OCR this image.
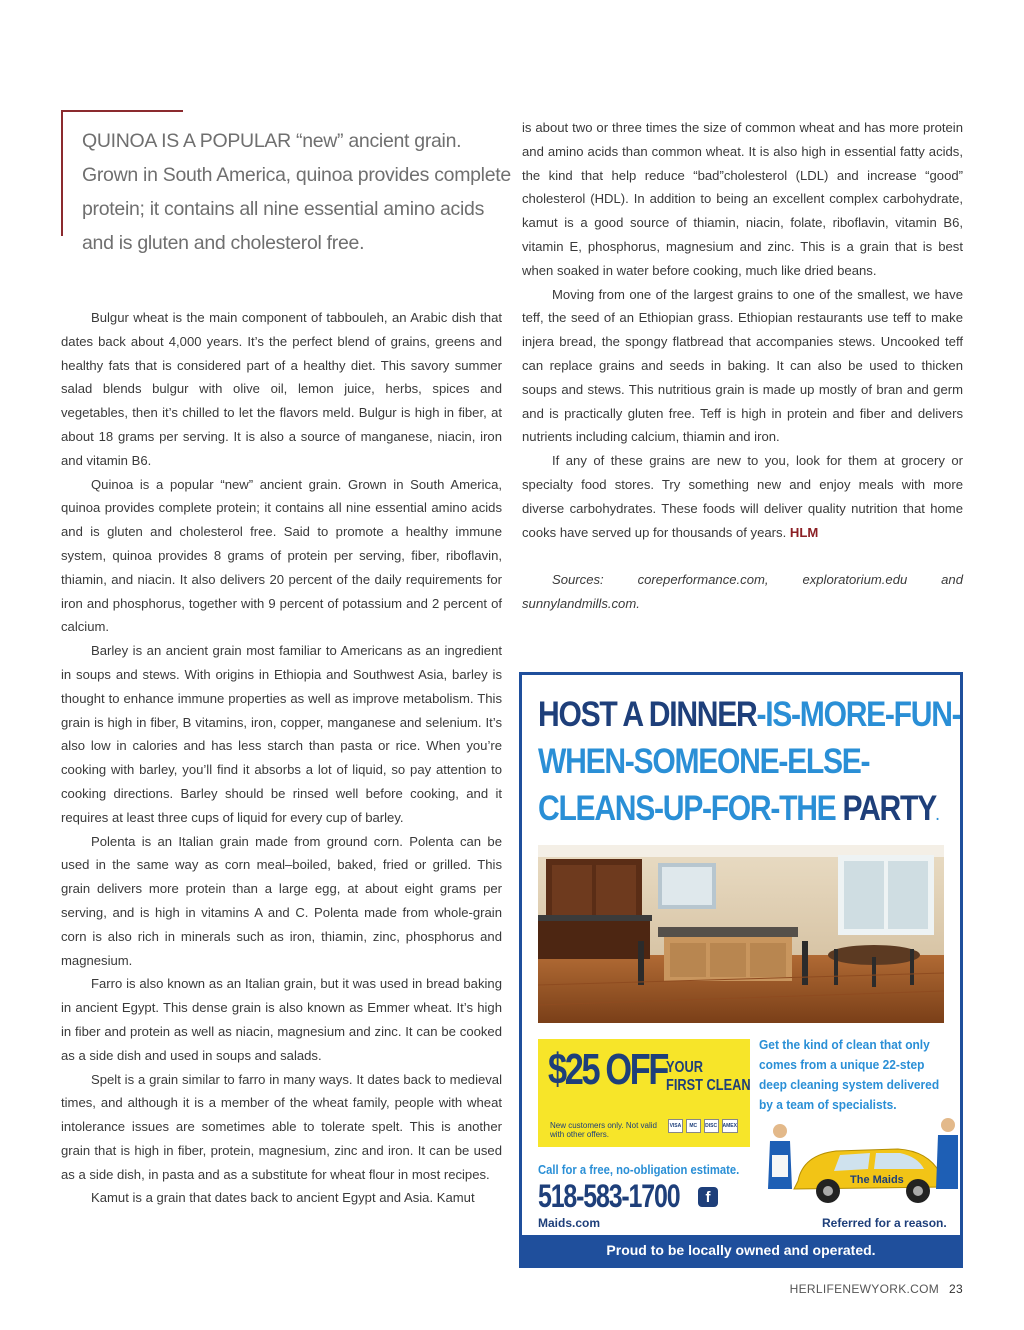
QUINOA IS A POPULAR “new” ancient grain. Grown in South America, quinoa provides complete protein; it contains all nine essential amino acids and is gluten and cholesterol free.

Bulgur wheat is the main component of tabbouleh, an Arabic dish that dates back about 4,000 years. It’s the perfect blend of grains, greens and healthy fats that is considered part of a healthy diet. This savory summer salad blends bulgur with olive oil, lemon juice, herbs, spices and vegetables, then it’s chilled to let the flavors meld. Bulgur is high in fiber, at about 18 grams per serving. It is also a source of manganese, niacin, iron and vitamin B6.

Quinoa is a popular “new” ancient grain. Grown in South America, quinoa provides complete protein; it contains all nine essential amino acids and is gluten and cholesterol free. Said to promote a healthy immune system, quinoa provides 8 grams of protein per serving, fiber, riboflavin, thiamin, and niacin. It also delivers 20 percent of the daily requirements for iron and phosphorus, together with 9 percent of potassium and 2 percent of calcium.

Barley is an ancient grain most familiar to Americans as an ingredient in soups and stews. With origins in Ethiopia and Southwest Asia, barley is thought to enhance immune properties as well as improve metabolism. This grain is high in fiber, B vitamins, iron, copper, manganese and selenium. It’s also low in calories and has less starch than pasta or rice. When you’re cooking with barley, you’ll find it absorbs a lot of liquid, so pay attention to cooking directions. Barley should be rinsed well before cooking, and it requires at least three cups of liquid for every cup of barley.

Polenta is an Italian grain made from ground corn. Polenta can be used in the same way as corn meal–boiled, baked, fried or grilled. This grain delivers more protein than a large egg, at about eight grams per serving, and is high in vitamins A and C. Polenta made from whole-grain corn is also rich in minerals such as iron, thiamin, zinc, phosphorus and magnesium.

Farro is also known as an Italian grain, but it was used in bread baking in ancient Egypt. This dense grain is also known as Emmer wheat. It’s high in fiber and protein as well as niacin, magnesium and zinc. It can be cooked as a side dish and used in soups and salads.

Spelt is a grain similar to farro in many ways. It dates back to medieval times, and although it is a member of the wheat family, people with wheat intolerance issues are sometimes able to tolerate spelt. This is another grain that is high in fiber, protein, magnesium, zinc and iron. It can be used as a side dish, in pasta and as a substitute for wheat flour in most recipes.

Kamut is a grain that dates back to ancient Egypt and Asia. Kamut

is about two or three times the size of common wheat and has more protein and amino acids than common wheat. It is also high in essential fatty acids, the kind that help reduce “bad”cholesterol (LDL) and increase “good” cholesterol (HDL). In addition to being an excellent complex carbohydrate, kamut is a good source of thiamin, niacin, folate, riboflavin, vitamin B6, vitamin E, phosphorus, magnesium and zinc. This is a grain that is best when soaked in water before cooking, much like dried beans.

Moving from one of the largest grains to one of the smallest, we have teff, the seed of an Ethiopian grass. Ethiopian restaurants use teff to make injera bread, the spongy flatbread that accompanies stews. Uncooked teff can replace grains and seeds in baking. It can also be used to thicken soups and stews. This nutritious grain is made up mostly of bran and germ and is practically gluten free. Teff is high in protein and fiber and delivers nutrients including calcium, thiamin and iron.

If any of these grains are new to you, look for them at grocery or specialty food stores. Try something new and enjoy meals with more diverse carbohydrates. These foods will deliver quality nutrition that home cooks have served up for thousands of years. HLM

Sources: coreperformance.com, exploratorium.edu and sunnylandmills.com.

HOST A DINNER-IS-MORE-FUN-
WHEN-SOMEONE-ELSE-
CLEANS-UP-FOR-THE PARTY.
$25 OFF
YOUR
FIRST CLEAN
New customers only. Not valid with other offers.
VISA	MC	DISC AMEX
Get the kind of clean that only comes from a unique 22-step deep cleaning system delivered by a team of specialists.
The Maids
Call for a free, no-obligation estimate.
518-583-1700	f
Maids.com	Referred for a reason.
Proud to be locally owned and operated.
HERLIFENEWYORK.COM 23
